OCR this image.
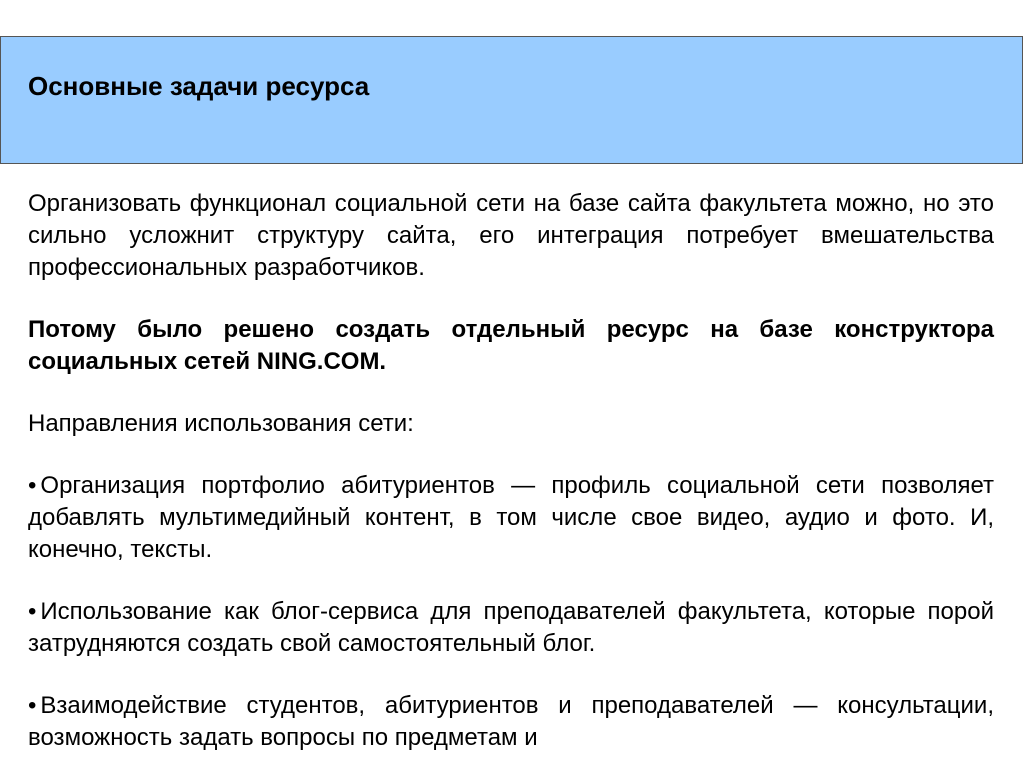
Основные задачи ресурса

Организовать функционал социальной сети на базе сайта факультета можно, но это сильно усложнит структуру сайта, его интеграция потребует вмешательства профессиональных разработчиков.

Потому было решено создать отдельный ресурс на базе конструктора социальных сетей NING.COM.

Направления использования сети:

• Организация портфолио абитуриентов — профиль социальной сети позволяет добавлять мультимедийный контент, в том числе свое видео, аудио и фото. И, конечно, тексты.

• Использование как блог-сервиса для преподавателей факультета, которые порой затрудняются создать свой самостоятельный блог.

• Взаимодействие студентов, абитуриентов и преподавателей — консультации, возможность задать вопросы по предметам и
